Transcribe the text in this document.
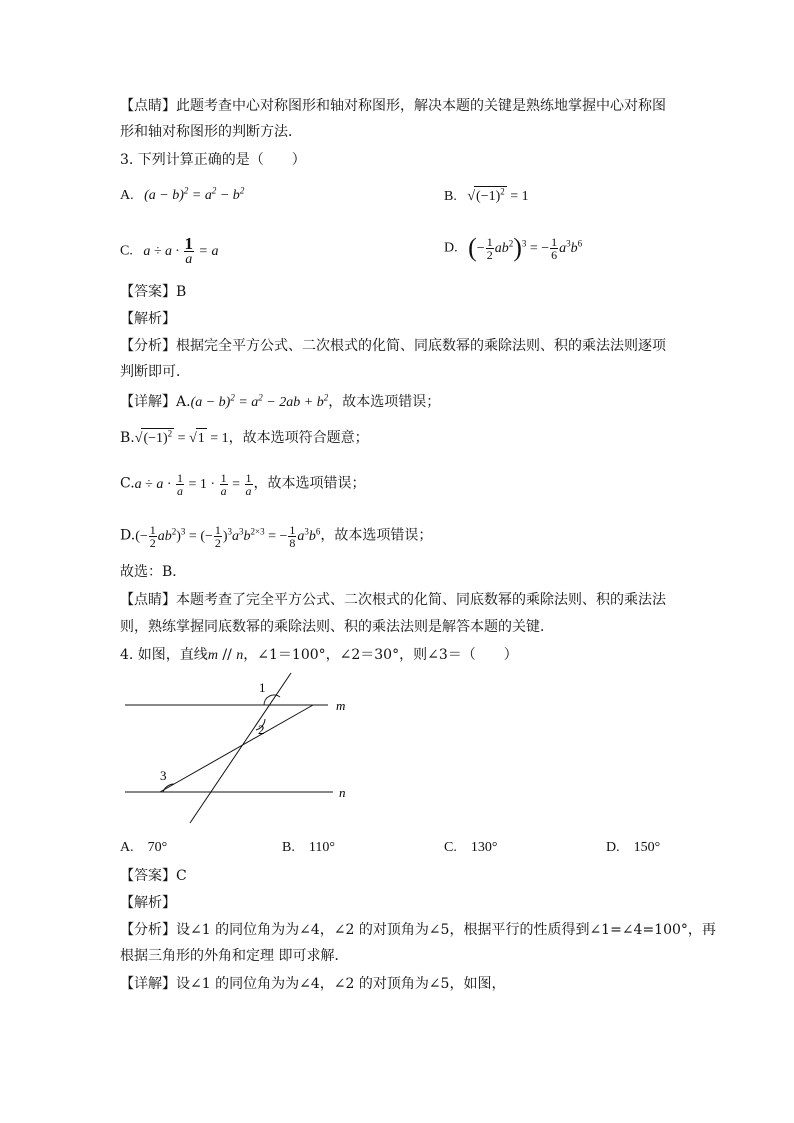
【点睛】此题考查中心对称图形和轴对称图形，解决本题的关键是熟练地掌握中心对称图
形和轴对称图形的判断方法．
3. 下列计算正确的是（　　）
A.   $(a - b)^2 = a^2 - b^2$	B.   $√(-1)^2 = 1$
C.   $a \div a \cdot \frac{1}{a} = a$	D. (− $\frac{1}{2} ab^2)^3$ = − $\frac{1}{6} a^3b^6$
【答案】B
【解析】
【分析】根据完全平方公式、二次根式的化简、同底数幂的乘除法则、积的乘法法则逐项
判断即可．
【详解】$A.(a - b)^2 = a^2 - 2ab + b^2$，故本选项错误；
$B.√(-1)^2 = √1 = 1$，故本选项符合题意；
$C.a \div a \cdot \frac{1}{a} = 1 \cdot \frac{1}{a} = \frac{1}{a}$ ，故本选项错误；
$D.(- \frac{1}{2} ab^2)^3$ = (− $\frac{1}{2} )^3a^3b^{2\times 3}$ = − $\frac{1}{8} a^3b^6$，故本选项错误；
故选：B．
【点睛】本题考查了完全平方公式、二次根式的化简、同底数幂的乘除法则、积的乘法法
则，熟练掌握同底数幂的乘除法则、积的乘法法则是解答本题的关键．
4. 如图，直线m // n，∠1＝100°，∠2＝30°，则∠3＝（　　）
1
2
3
m
n
A.　70°	B.　110°	C.　130°	D.　150°
【答案】C
【解析】
【分析】设∠1 的同位角为为∠4，∠2 的对顶角为∠5，根据平行的性质得到∠1=∠4=100°，再
根据三角形的外角和定理 即可求解．
【详解】设∠1 的同位角为为∠4，∠2 的对顶角为∠5，如图，
